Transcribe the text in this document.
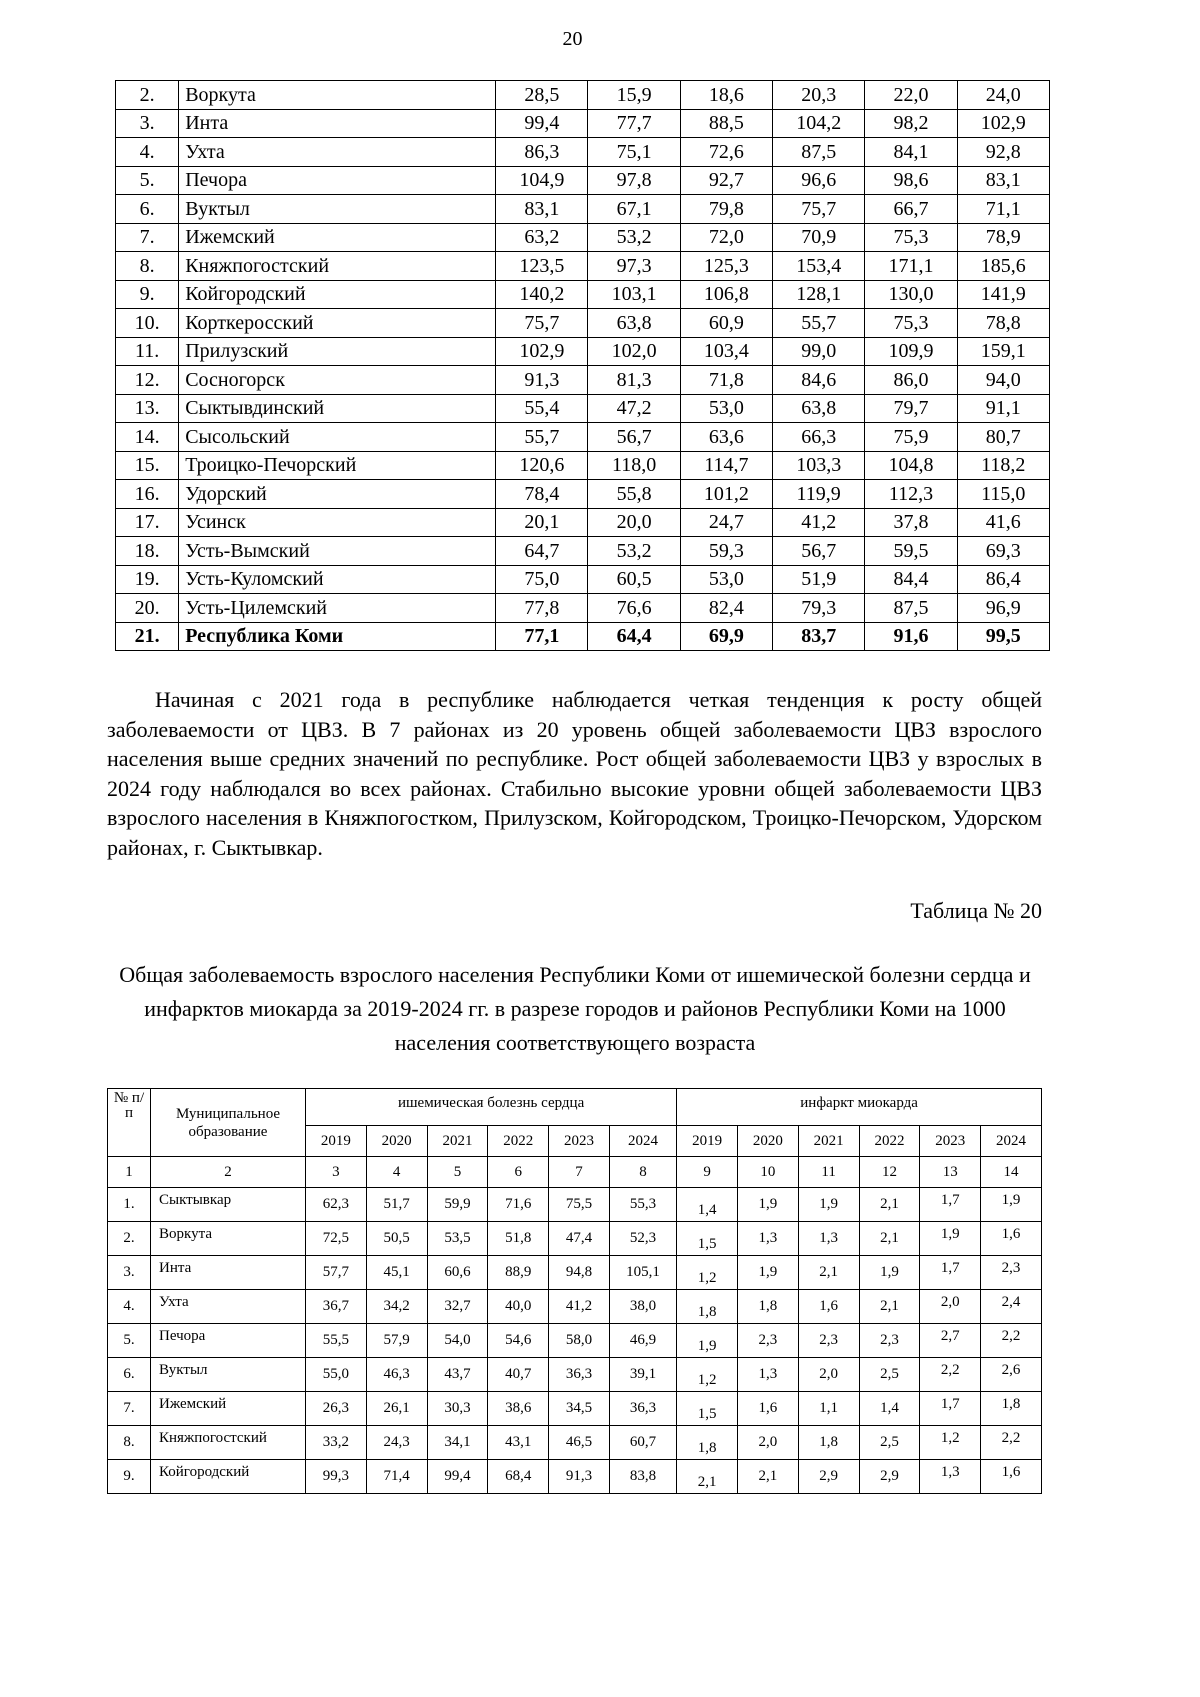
20
2.	Воркута	28,5	15,9	18,6	20,3	22,0	24,0
3.	Инта	99,4	77,7	88,5	104,2	98,2	102,9
4.	Ухта	86,3	75,1	72,6	87,5	84,1	92,8
5.	Печора	104,9	97,8	92,7	96,6	98,6	83,1
6.	Вуктыл	83,1	67,1	79,8	75,7	66,7	71,1
7.	Ижемский	63,2	53,2	72,0	70,9	75,3	78,9
8.	Княжпогостский	123,5	97,3	125,3	153,4	171,1	185,6
9.	Койгородский	140,2	103,1	106,8	128,1	130,0	141,9
10.	Корткеросский	75,7	63,8	60,9	55,7	75,3	78,8
11.	Прилузский	102,9	102,0	103,4	99,0	109,9	159,1
12.	Сосногорск	91,3	81,3	71,8	84,6	86,0	94,0
13.	Сыктывдинский	55,4	47,2	53,0	63,8	79,7	91,1
14.	Сысольский	55,7	56,7	63,6	66,3	75,9	80,7
15.	Троицко-Печорский	120,6	118,0	114,7	103,3	104,8	118,2
16.	Удорский	78,4	55,8	101,2	119,9	112,3	115,0
17.	Усинск	20,1	20,0	24,7	41,2	37,8	41,6
18.	Усть-Вымский	64,7	53,2	59,3	56,7	59,5	69,3
19.	Усть-Куломский	75,0	60,5	53,0	51,9	84,4	86,4
20.	Усть-Цилемский	77,8	76,6	82,4	79,3	87,5	96,9
21.	Республика Коми	77,1	64,4	69,9	83,7	91,6	99,5
Начиная с 2021 года в республике наблюдается четкая тенденция к росту общей заболеваемости от ЦВЗ. В 7 районах из 20 уровень общей заболеваемости ЦВЗ взрослого населения выше средних значений по республике. Рост общей заболеваемости ЦВЗ у взрослых в 2024 году наблюдался во всех районах. Стабильно высокие уровни общей заболеваемости ЦВЗ взрослого населения в Княжпогостком, Прилузском, Койгородском, Троицко-Печорском, Удорском районах, г. Сыктывкар.
Таблица № 20
Общая заболеваемость взрослого населения Республики Коми от ишемической болезни сердца и инфарктов миокарда за 2019-2024 гг. в разрезе городов и районов Республики Коми на 1000 населения соответствующего возраста
№ п/п	Муниципальное образование	ишемическая болезнь сердца						инфаркт миокарда					
		2019	2020	2021	2022	2023	2024	2019	2020	2021	2022	2023	2024
1	2	3	4	5	6	7	8	9	10	11	12	13	14
1.	Сыктывкар	62,3	51,7	59,9	71,6	75,5	55,3	1,4	1,9	1,9	2,1	1,7	1,9
2.	Воркута	72,5	50,5	53,5	51,8	47,4	52,3	1,5	1,3	1,3	2,1	1,9	1,6
3.	Инта	57,7	45,1	60,6	88,9	94,8	105,1	1,2	1,9	2,1	1,9	1,7	2,3
4.	Ухта	36,7	34,2	32,7	40,0	41,2	38,0	1,8	1,8	1,6	2,1	2,0	2,4
5.	Печора	55,5	57,9	54,0	54,6	58,0	46,9	1,9	2,3	2,3	2,3	2,7	2,2
6.	Вуктыл	55,0	46,3	43,7	40,7	36,3	39,1	1,2	1,3	2,0	2,5	2,2	2,6
7.	Ижемский	26,3	26,1	30,3	38,6	34,5	36,3	1,5	1,6	1,1	1,4	1,7	1,8
8.	Княжпогостский	33,2	24,3	34,1	43,1	46,5	60,7	1,8	2,0	1,8	2,5	1,2	2,2
9.	Койгородский	99,3	71,4	99,4	68,4	91,3	83,8	2,1	2,1	2,9	2,9	1,3	1,6
